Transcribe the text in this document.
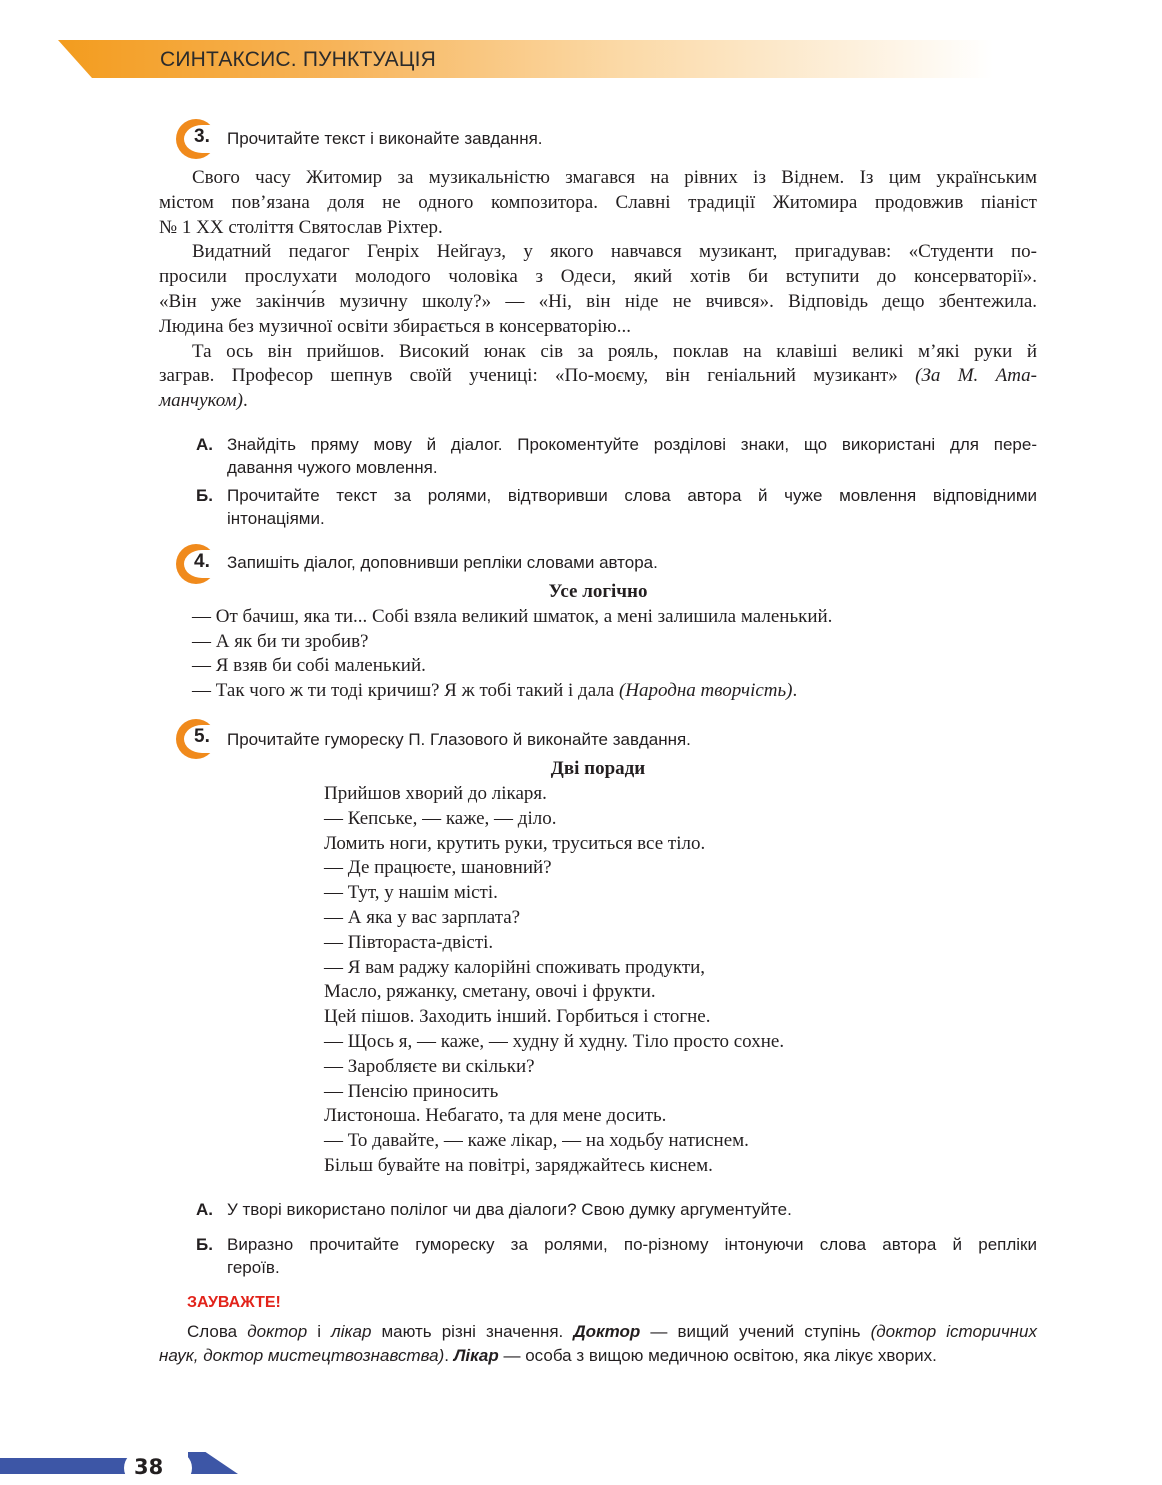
СИНТАКСИС. ПУНКТУАЦІЯ
3. Прочитайте текст і виконайте завдання.
Свого часу Житомир за музикальністю змагався на рівних із Віднем. Із цим українським
містом пов’язана доля не одного композитора. Славні традиції Житомира продовжив піаніст
№ 1 XX століття Святослав Ріхтер.
Видатний педагог Генріх Нейгауз, у якого навчався музикант, пригадував: «Студенти по-
просили прослухати молодого чоловіка з Одеси, який хотів би вступити до консерваторії».
«Він уже закінчи́в музичну школу?» — «Ні, він ніде не вчився». Відповідь дещо збентежила.
Людина без музичної освіти збирається в консерваторію...
Та ось він прийшов. Високий юнак сів за рояль, поклав на клавіші великі м’які руки й
заграв. Професор шепнув своїй учениці: «По-моєму, він геніальний музикант» (За М. Ата-
манчуком).
А. Знайдіть пряму мову й діалог. Прокоментуйте розділові знаки, що використані для пере-
давання чужого мовлення.
Б. Прочитайте текст за ролями, відтворивши слова автора й чуже мовлення відповідними
інтонаціями.
4. Запишіть діалог, доповнивши репліки словами автора.
Усе логічно
— От бачиш, яка ти... Собі взяла великий шматок, а мені залишила маленький.
— А як би ти зробив?
— Я взяв би собі маленький.
— Так чого ж ти тоді кричиш? Я ж тобі такий і дала (Народна творчість).
5. Прочитайте гумореску П. Глазового й виконайте завдання.
Дві поради
Прийшов хворий до лікаря.
— Кепське, — каже, — діло.
Ломить ноги, крутить руки, труситься все тіло.
— Де працюєте, шановний?
— Тут, у нашім місті.
— А яка у вас зарплата?
— Півтораста-двісті.
— Я вам раджу калорійні споживать продукти,
Масло, ряжанку, сметану, овочі і фрукти.
Цей пішов. Заходить інший. Горбиться і стогне.
— Щось я, — каже, — худну й худну. Тіло просто сохне.
— Заробляєте ви скільки?
— Пенсію приносить
Листоноша. Небагато, та для мене досить.
— То давайте, — каже лікар, — на ходьбу натиснем.
Більш бувайте на повітрі, заряджайтесь киснем.
А. У творі використано полілог чи два діалоги? Свою думку аргументуйте.
Б. Виразно прочитайте гумореску за ролями, по-різному інтонуючи слова автора й репліки
героїв.
ЗАУВАЖТЕ!
Слова доктор і лікар мають різні значення. Доктор — вищий учений ступінь (доктор історичних
наук, доктор мистецтвознавства). Лікар — особа з вищою медичною освітою, яка лікує хворих.
38
